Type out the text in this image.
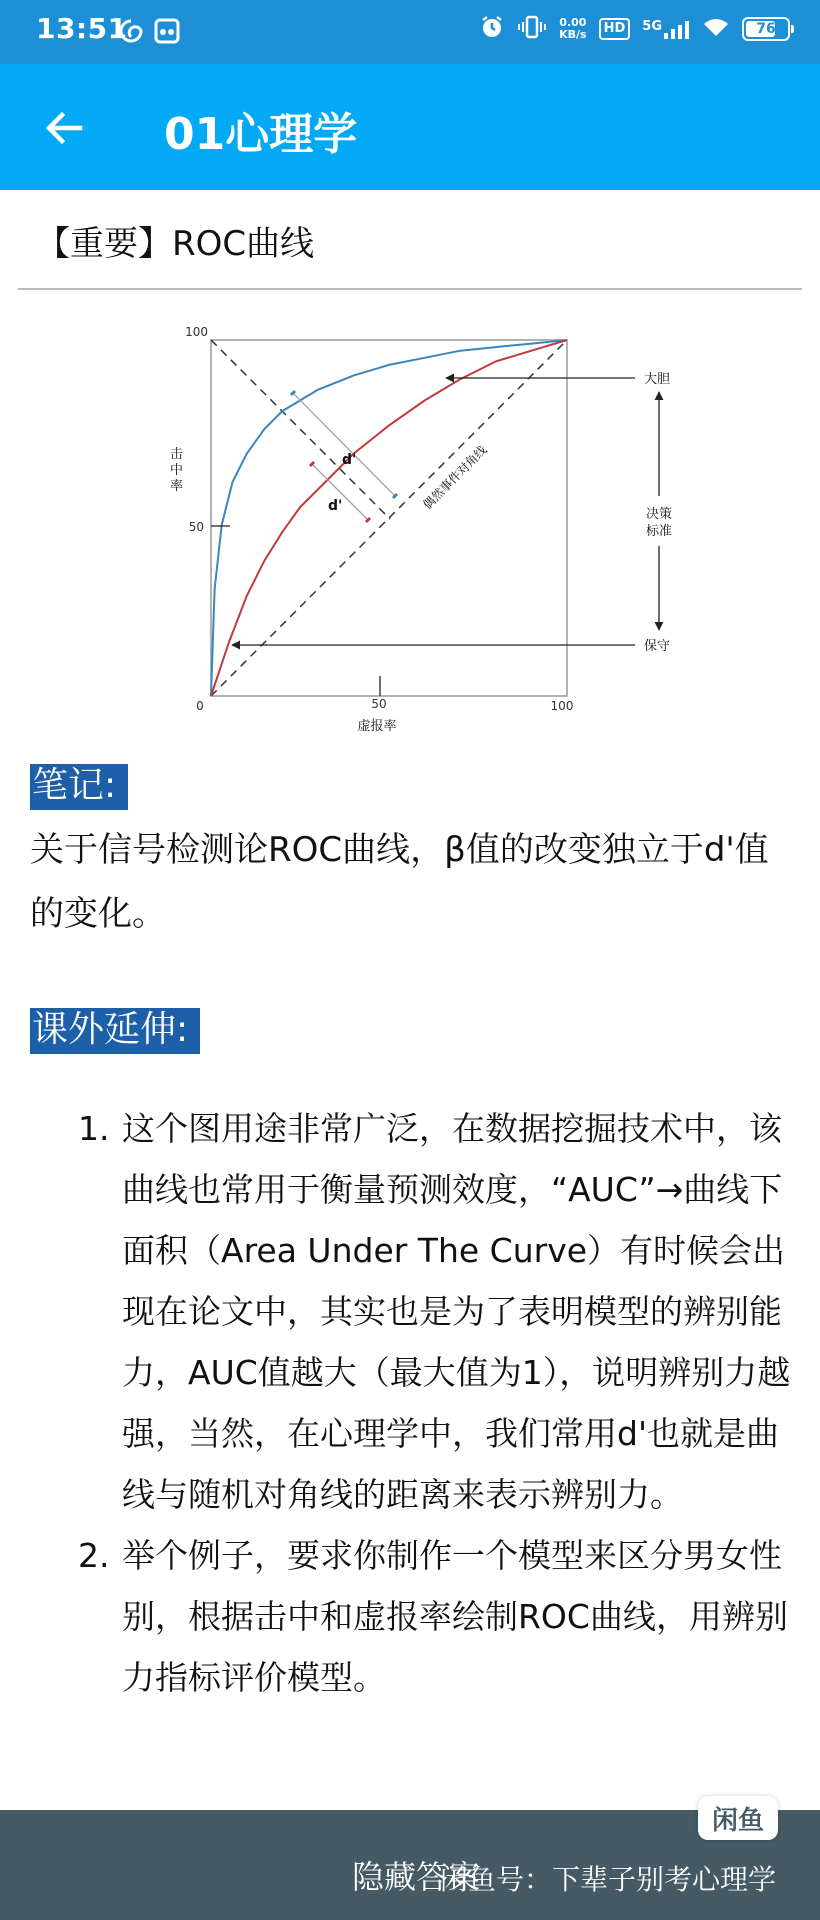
13:51	0.00
KB/s	HD	5G	76
01心理学
【重要】ROC曲线
d'
d'	偶然事件对角线
大胆
保守
决策
标准
100
50
0	50	100
虚报率
击中率
笔记:
关于信号检测论ROC曲线，β值的改变独立于d'值的变化。
课外延伸:
1. 这个图用途非常广泛，在数据挖掘技术中，该曲线也常用于衡量预测效度，“AUC”→曲线下面积（Area Under The Curve）有时候会出现在论文中，其实也是为了表明模型的辨别能力，AUC值越大（最大值为1），说明辨别力越强，当然，在心理学中，我们常用d'也就是曲线与随机对角线的距离来表示辨别力。
2. 举个例子，要求你制作一个模型来区分男女性别，根据击中和虚报率绘制ROC曲线，用辨别力指标评价模型。
隐藏答案
闲鱼号：下辈子别考心理学
闲鱼
